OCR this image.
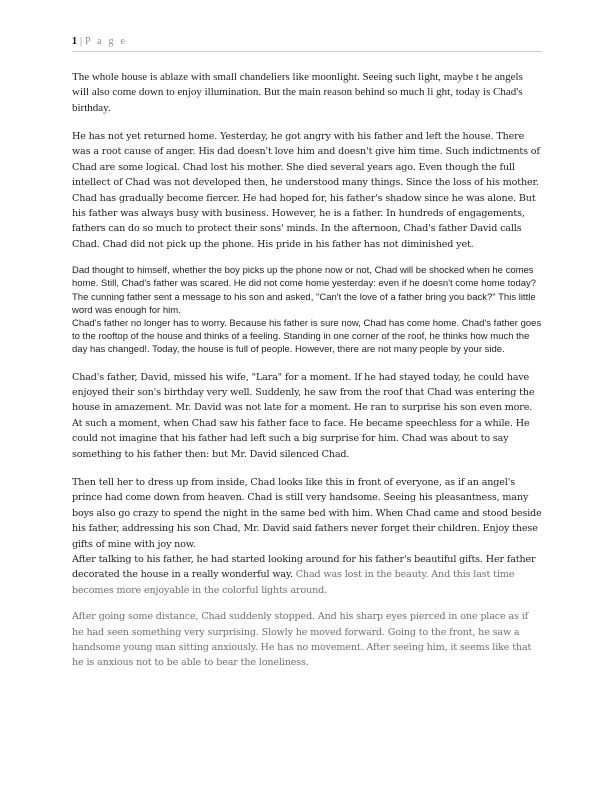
1 | P a g e

The whole house is ablaze with small chandeliers like moonlight. Seeing such light, maybe t he angels will also come down to enjoy illumination. But the main reason behind so much li ght, today is Chad's birthday.

He has not yet returned home. Yesterday, he got angry with his father and left the house. There was a root cause of anger. His dad doesn't love him and doesn't give him time. Such indictments of Chad are some logical. Chad lost his mother. She died several years ago. Even though the full intellect of Chad was not developed then, he understood many things. Since the loss of his mother. Chad has gradually become fiercer. He had hoped for, his father's shadow since he was alone. But his father was always busy with business. However, he is a father. In hundreds of engagements, fathers can do so much to protect their sons' minds. In the afternoon, Chad's father David calls Chad. Chad did not pick up the phone. His pride in his father has not diminished yet.

Dad thought to himself, whether the boy picks up the phone now or not, Chad will be shocked when he comes home. Still, Chad's father was scared. He did not come home yesterday: even if he doesn't come home today? The cunning father sent a message to his son and asked, "Can't the love of a father bring you back?" This little word was enough for him.

Chad's father no longer has to worry. Because his father is sure now, Chad has come home. Chad's father goes to the rooftop of the house and thinks of a feeling. Standing in one corner of the roof, he thinks how much the day has changed!. Today, the house is full of people. However, there are not many people by your side.

Chad's father, David, missed his wife, "Lara" for a moment. If he had stayed today, he could have enjoyed their son's birthday very well. Suddenly, he saw from the roof that Chad was entering the house in amazement. Mr. David was not late for a moment. He ran to surprise his son even more. At such a moment, when Chad saw his father face to face. He became speechless for a while. He could not imagine that his father had left such a big surprise for him. Chad was about to say something to his father then: but Mr. David silenced Chad.

Then tell her to dress up from inside, Chad looks like this in front of everyone, as if an angel's prince had come down from heaven. Chad is still very handsome. Seeing his pleasantness, many boys also go crazy to spend the night in the same bed with him. When Chad came and stood beside his father, addressing his son Chad, Mr. David said fathers never forget their children. Enjoy these gifts of mine with joy now.

After talking to his father, he had started looking around for his father's beautiful gifts. Her father decorated the house in a really wonderful way. Chad was lost in the beauty. And this last time becomes more enjoyable in the colorful lights around.

After going some distance, Chad suddenly stopped. And his sharp eyes pierced in one place as if he had seen something very surprising. Slowly he moved forward. Going to the front, he saw a handsome young man sitting anxiously. He has no movement. After seeing him, it seems like that he is anxious not to be able to bear the loneliness.
